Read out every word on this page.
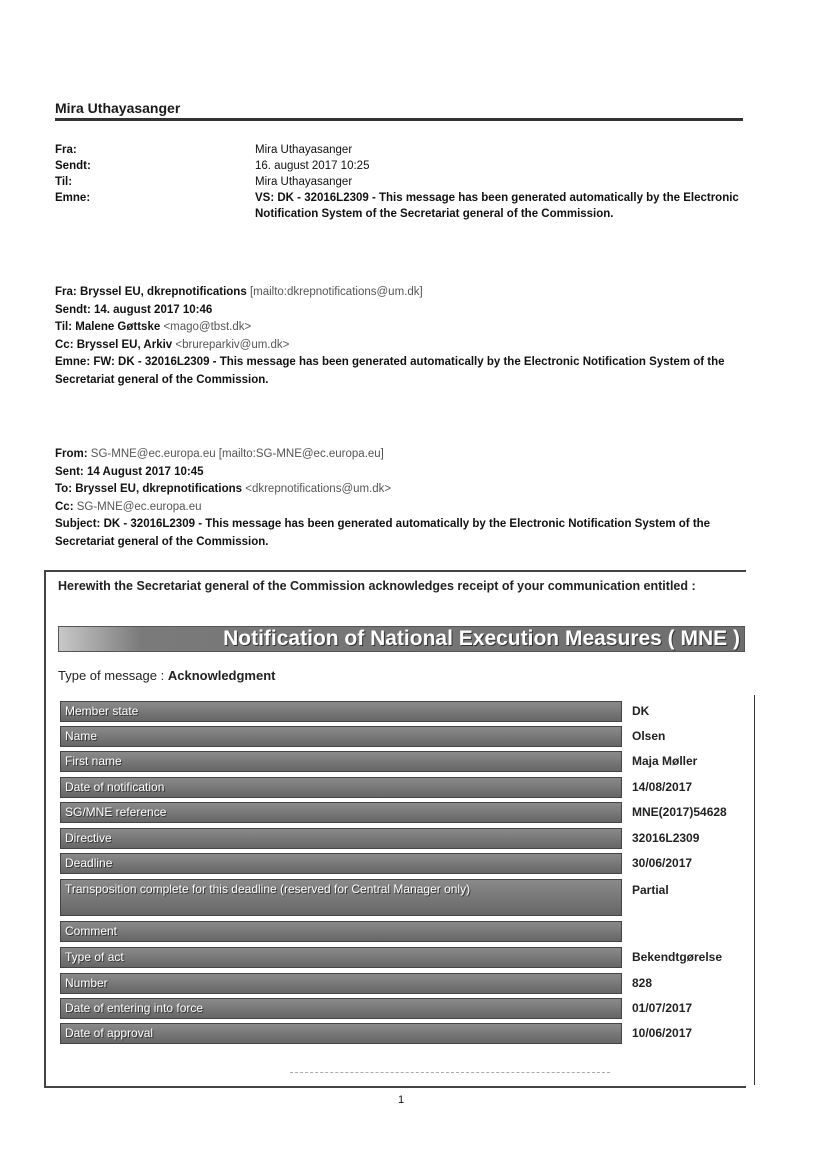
Mira Uthayasanger
Fra:	Mira Uthayasanger
Sendt:	16. august 2017 10:25
Til:	Mira Uthayasanger
Emne:	VS: DK - 32016L2309 - This message has been generated automatically by the Electronic Notification System of the Secretariat general of the Commission.
Fra: Bryssel EU, dkrepnotifications [mailto:dkrepnotifications@um.dk]
Sendt: 14. august 2017 10:46
Til: Malene Gøttske <mago@tbst.dk>
Cc: Bryssel EU, Arkiv <brureparkiv@um.dk>
Emne: FW: DK - 32016L2309 - This message has been generated automatically by the Electronic Notification System of the Secretariat general of the Commission.
From: SG-MNE@ec.europa.eu [mailto:SG-MNE@ec.europa.eu]
Sent: 14 August 2017 10:45
To: Bryssel EU, dkrepnotifications <dkrepnotifications@um.dk>
Cc: SG-MNE@ec.europa.eu
Subject: DK - 32016L2309 - This message has been generated automatically by the Electronic Notification System of the Secretariat general of the Commission.
Herewith the Secretariat general of the Commission acknowledges receipt of your communication entitled :
Notification of National Execution Measures ( MNE )
Type of message : Acknowledgment
Member state	DK
Name	Olsen
First name	Maja Møller
Date of notification	14/08/2017
SG/MNE reference	MNE(2017)54628
Directive	32016L2309
Deadline	30/06/2017
Transposition complete for this deadline (reserved for Central Manager only)	Partial
Comment
Type of act	Bekendtgørelse
Number	828
Date of entering into force	01/07/2017
Date of approval	10/06/2017
1
